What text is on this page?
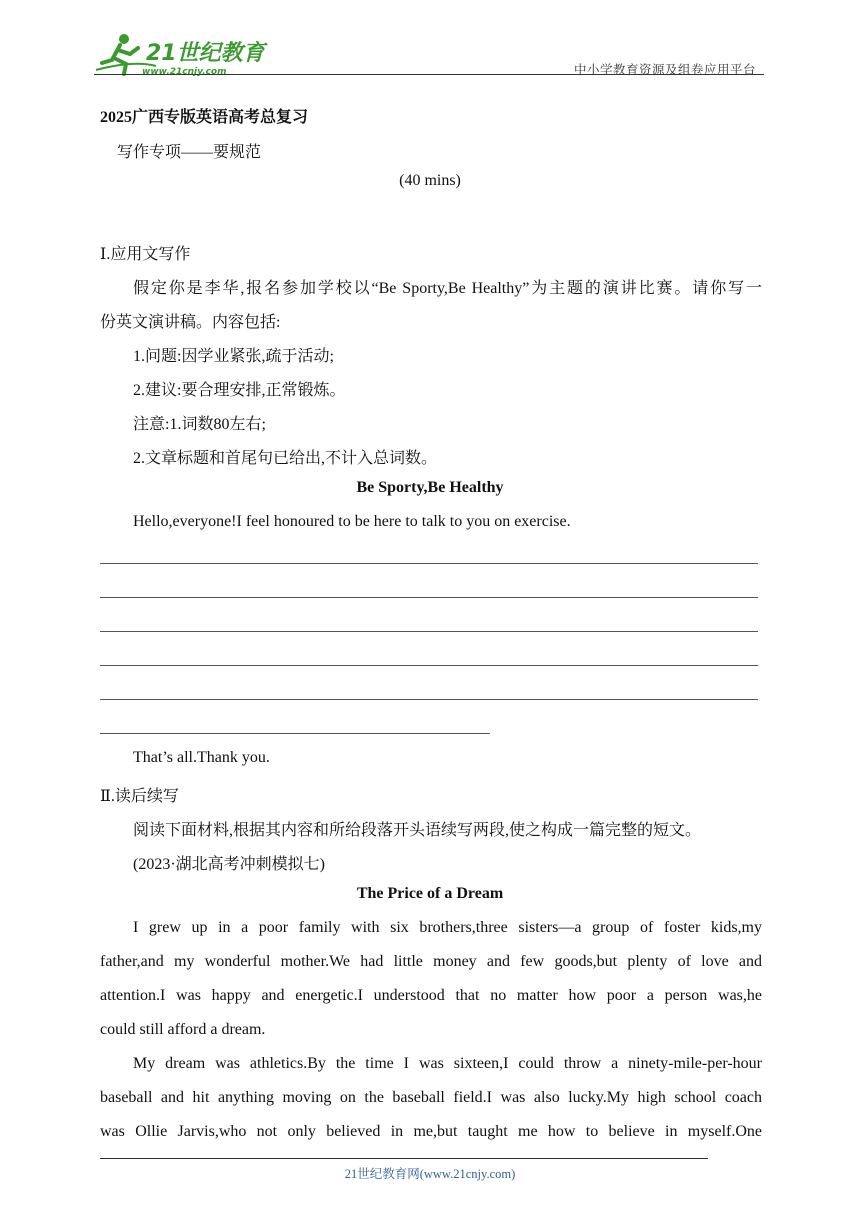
21世纪教育
www.21cnjy.com	中小学教育资源及组卷应用平台
2025广西专版英语高考总复习
写作专项——要规范
(40 mins)
Ⅰ.应用文写作
假定你是李华,报名参加学校以“Be Sporty,Be Healthy”为主题的演讲比赛。请你写一
份英文演讲稿。内容包括:
1.问题:因学业紧张,疏于活动;
2.建议:要合理安排,正常锻炼。
注意:1.词数80左右;
2.文章标题和首尾句已给出,不计入总词数。
Be Sporty,Be Healthy
Hello,everyone!I feel honoured to be here to talk to you on exercise.
That’s all.Thank you.
Ⅱ.读后续写
阅读下面材料,根据其内容和所给段落开头语续写两段,使之构成一篇完整的短文。
(2023·湖北高考冲刺模拟七)
The Price of a Dream
I grew up in a poor family with six brothers,three sisters—a group of foster kids,my
father,and my wonderful mother.We had little money and few goods,but plenty of love and
attention.I was happy and energetic.I understood that no matter how poor a person was,he
could still afford a dream.
My dream was athletics.By the time I was sixteen,I could throw a ninety-mile-per-hour
baseball and hit anything moving on the baseball field.I was also lucky.My high school coach
was Ollie Jarvis,who not only believed in me,but taught me how to believe in myself.One
21世纪教育网(www.21cnjy.com)
